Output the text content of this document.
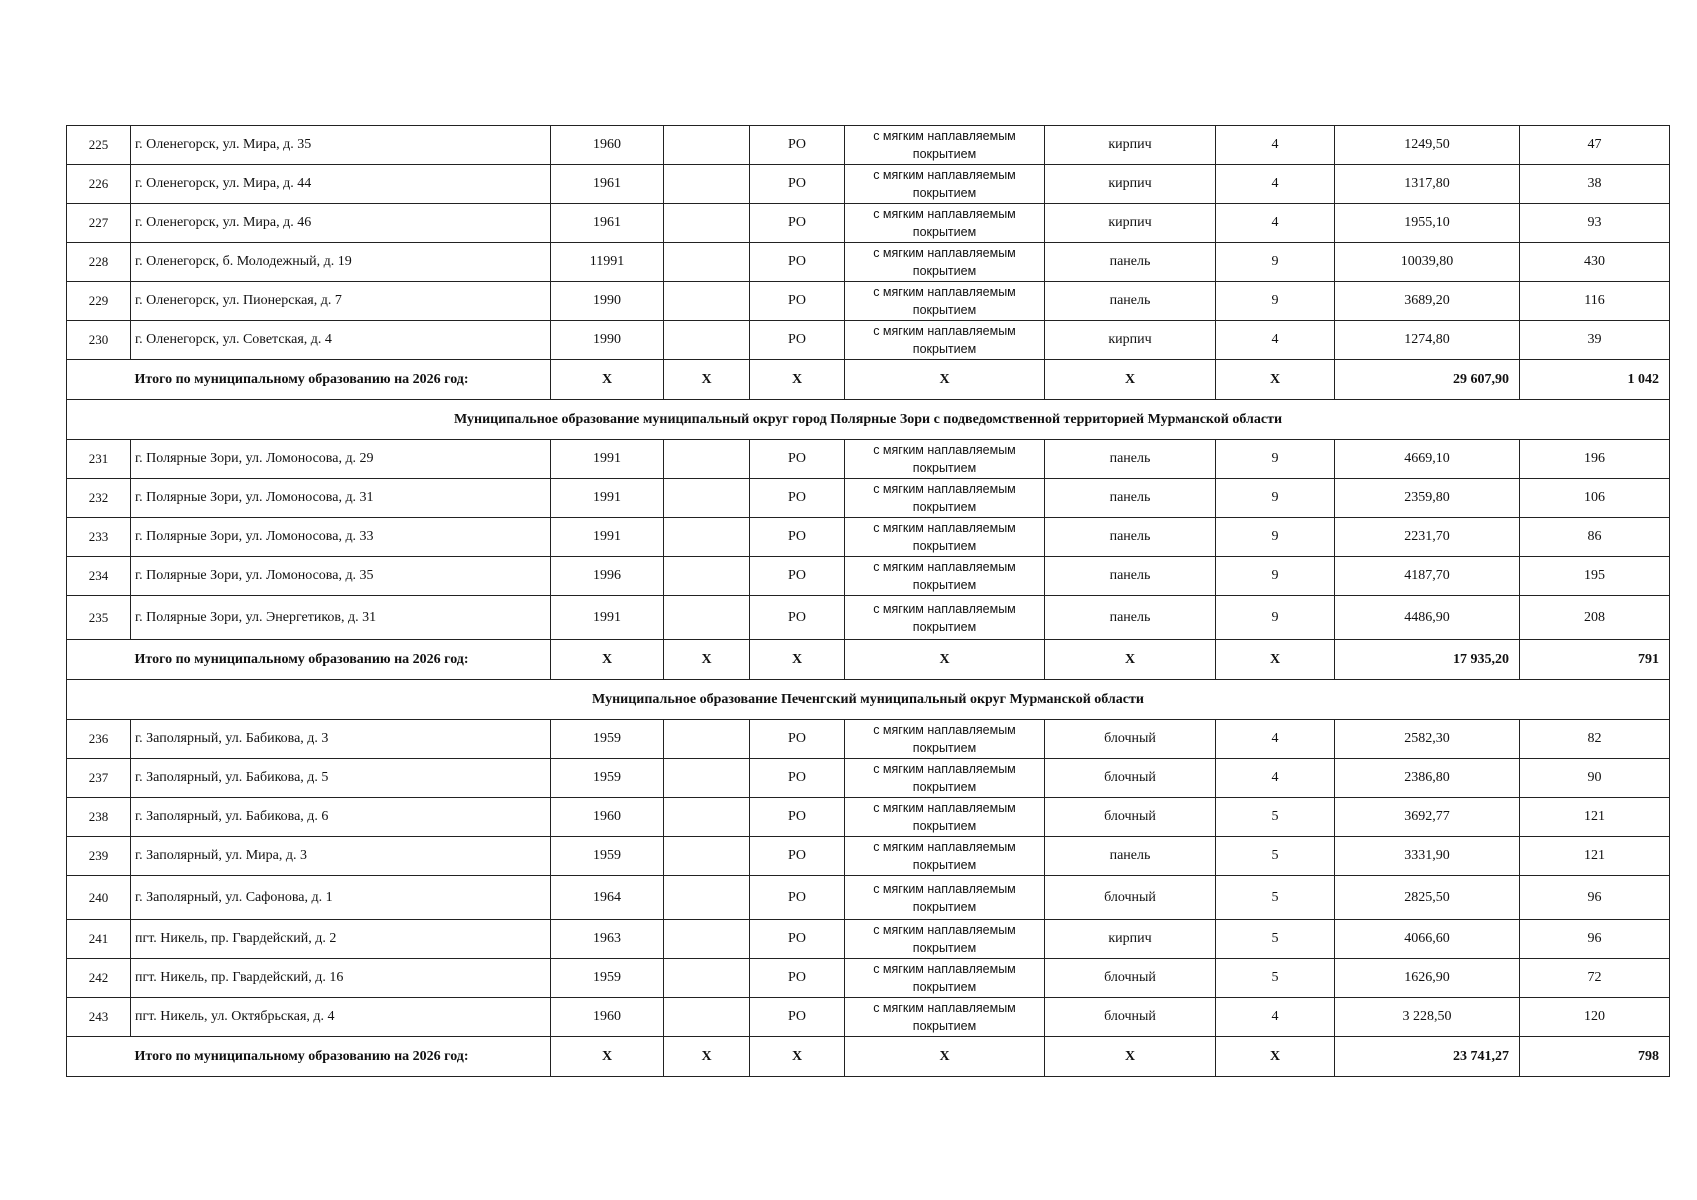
225	г. Оленегорск, ул. Мира, д. 35	1960		РО	с мягким наплавляемым покрытием	кирпич	4	1249,50	47
226	г. Оленегорск, ул. Мира, д. 44	1961		РО	с мягким наплавляемым покрытием	кирпич	4	1317,80	38
227	г. Оленегорск, ул. Мира, д. 46	1961		РО	с мягким наплавляемым покрытием	кирпич	4	1955,10	93
228	г. Оленегорск, б. Молодежный, д. 19	11991		РО	с мягким наплавляемым покрытием	панель	9	10039,80	430
229	г. Оленегорск, ул. Пионерская, д. 7	1990		РО	с мягким наплавляемым покрытием	панель	9	3689,20	116
230	г. Оленегорск, ул. Советская, д. 4	1990		РО	с мягким наплавляемым покрытием	кирпич	4	1274,80	39
	Итого по муниципальному образованию на 2026 год:	X	X	X	X	X	X	29 607,90	1 042
Муниципальное образование муниципальный округ город Полярные Зори с подведомственной территорией Мурманской области									
231	г. Полярные Зори, ул. Ломоносова, д. 29	1991		РО	с мягким наплавляемым покрытием	панель	9	4669,10	196
232	г. Полярные Зори, ул. Ломоносова, д. 31	1991		РО	с мягким наплавляемым покрытием	панель	9	2359,80	106
233	г. Полярные Зори, ул. Ломоносова, д. 33	1991		РО	с мягким наплавляемым покрытием	панель	9	2231,70	86
234	г. Полярные Зори, ул. Ломоносова, д. 35	1996		РО	с мягким наплавляемым покрытием	панель	9	4187,70	195
235	г. Полярные Зори, ул. Энергетиков, д. 31	1991		РО	с мягким наплавляемым покрытием	панель	9	4486,90	208
	Итого по муниципальному образованию на 2026 год:	X	X	X	X	X	X	17 935,20	791
Муниципальное образование Печенгский муниципальный округ Мурманской области									
236	г. Заполярный, ул. Бабикова, д. 3	1959		РО	с мягким наплавляемым покрытием	блочный	4	2582,30	82
237	г. Заполярный, ул. Бабикова, д. 5	1959		РО	с мягким наплавляемым покрытием	блочный	4	2386,80	90
238	г. Заполярный, ул. Бабикова, д. 6	1960		РО	с мягким наплавляемым покрытием	блочный	5	3692,77	121
239	г. Заполярный, ул. Мира, д. 3	1959		РО	с мягким наплавляемым покрытием	панель	5	3331,90	121
240	г. Заполярный, ул. Сафонова, д. 1	1964		РО	с мягким наплавляемым покрытием	блочный	5	2825,50	96
241	пгт. Никель, пр. Гвардейский, д. 2	1963		РО	с мягким наплавляемым покрытием	кирпич	5	4066,60	96
242	пгт. Никель, пр. Гвардейский, д. 16	1959		РО	с мягким наплавляемым покрытием	блочный	5	1626,90	72
243	пгт. Никель, ул. Октябрьская, д. 4	1960		РО	с мягким наплавляемым покрытием	блочный	4	3 228,50	120
	Итого по муниципальному образованию на 2026 год:	X	X	X	X	X	X	23 741,27	798
